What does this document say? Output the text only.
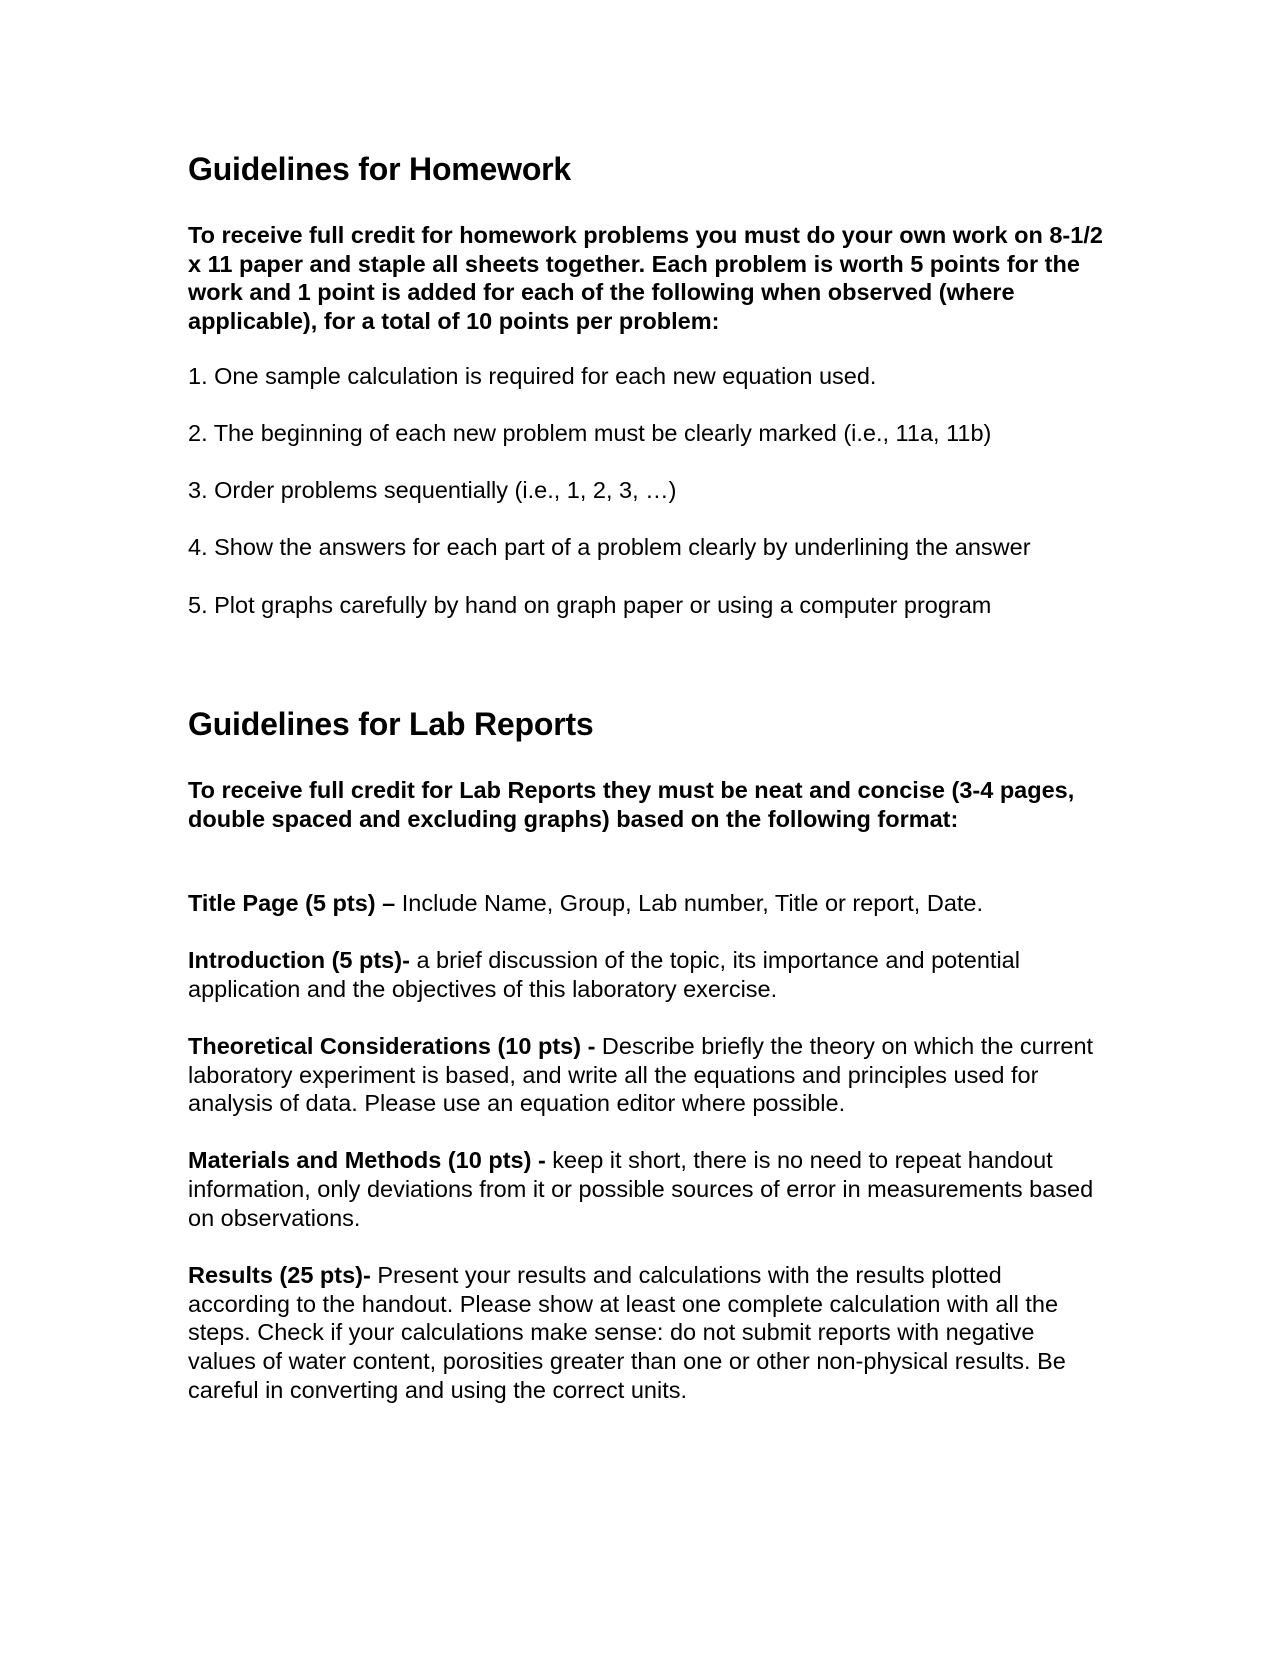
Guidelines for Homework

To receive full credit for homework problems you must do your own work on 8-1/2 x 11 paper and staple all sheets together. Each problem is worth 5 points for the work and 1 point is added for each of the following when observed (where applicable), for a total of 10 points per problem:

1. One sample calculation is required for each new equation used.

2. The beginning of each new problem must be clearly marked (i.e., 11a, 11b)

3. Order problems sequentially (i.e., 1, 2, 3, …)

4. Show the answers for each part of a problem clearly by underlining the answer

5. Plot graphs carefully by hand on graph paper or using a computer program

Guidelines for Lab Reports

To receive full credit for Lab Reports they must be neat and concise (3-4 pages, double spaced and excluding graphs) based on the following format:

Title Page (5 pts) – Include Name, Group, Lab number, Title or report, Date.

Introduction (5 pts)- a brief discussion of the topic, its importance and potential application and the objectives of this laboratory exercise.

Theoretical Considerations (10 pts) - Describe briefly the theory on which the current laboratory experiment is based, and write all the equations and principles used for analysis of data. Please use an equation editor where possible.

Materials and Methods (10 pts) - keep it short, there is no need to repeat handout information, only deviations from it or possible sources of error in measurements based on observations.

Results (25 pts)- Present your results and calculations with the results plotted according to the handout. Please show at least one complete calculation with all the steps. Check if your calculations make sense: do not submit reports with negative values of water content, porosities greater than one or other non-physical results. Be careful in converting and using the correct units.
